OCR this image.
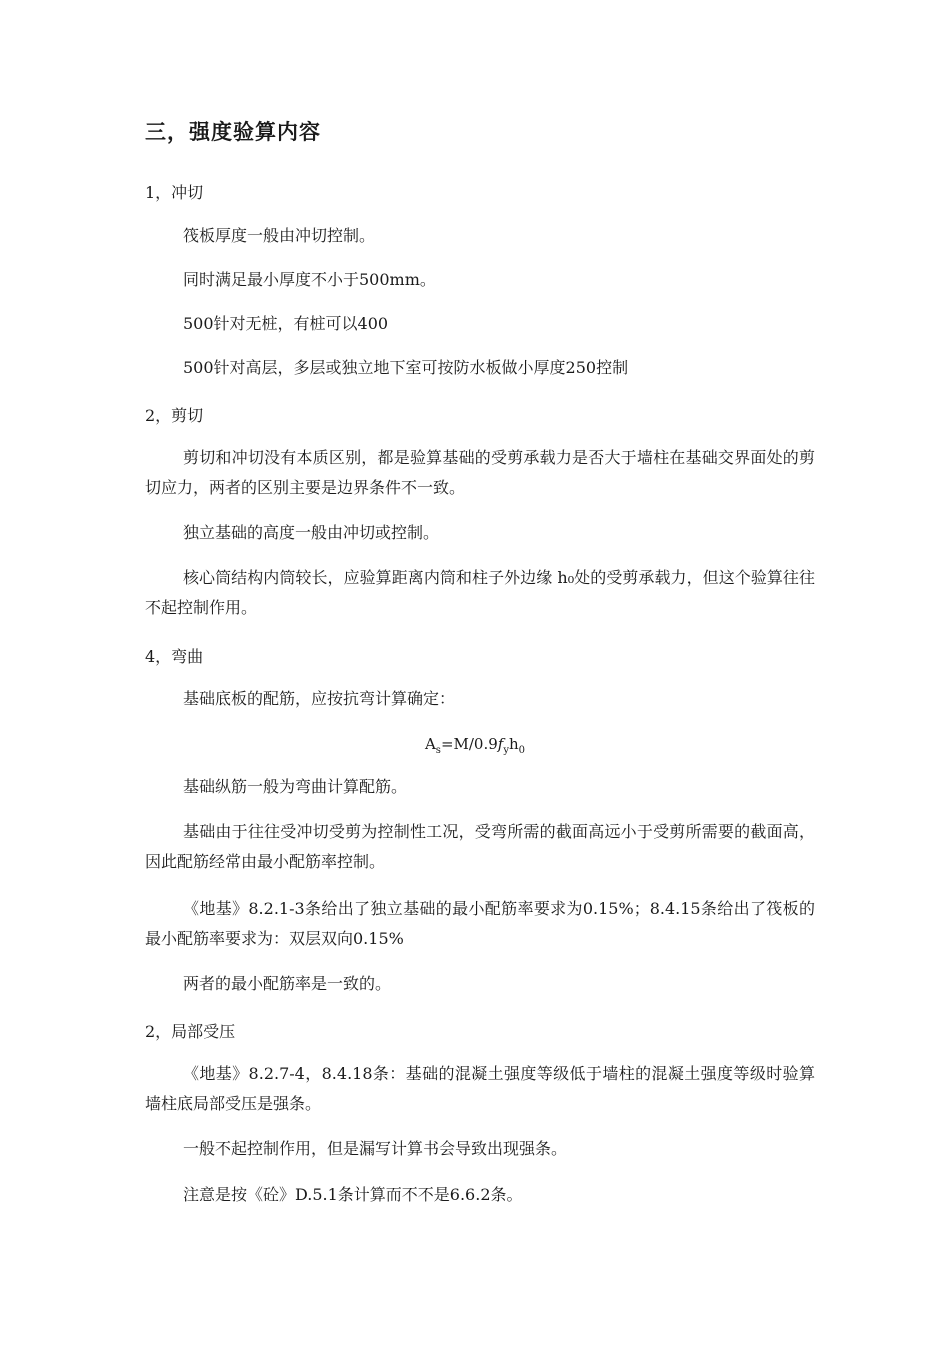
三，强度验算内容
1，冲切
筏板厚度一般由冲切控制。
同时满足最小厚度不小于500mm。
500针对无桩，有桩可以400
500针对高层，多层或独立地下室可按防水板做小厚度250控制
2，剪切
剪切和冲切没有本质区别，都是验算基础的受剪承载力是否大于墙柱在基础交界面处的剪切应力，两者的区别主要是边界条件不一致。
独立基础的高度一般由冲切或控制。
核心筒结构内筒较长，应验算距离内筒和柱子外边缘 h₀处的受剪承载力，但这个验算往往不起控制作用。
4，弯曲
基础底板的配筋，应按抗弯计算确定：
$A_s=M/0.9f_yh_0$
基础纵筋一般为弯曲计算配筋。
基础由于往往受冲切受剪为控制性工况，受弯所需的截面高远小于受剪所需要的截面高，因此配筋经常由最小配筋率控制。
《地基》8.2.1-3条给出了独立基础的最小配筋率要求为0.15%；8.4.15条给出了筏板的最小配筋率要求为：双层双向0.15%
两者的最小配筋率是一致的。
2，局部受压
《地基》8.2.7-4，8.4.18条：基础的混凝土强度等级低于墙柱的混凝土强度等级时验算墙柱底局部受压是强条。
一般不起控制作用，但是漏写计算书会导致出现强条。
注意是按《砼》D.5.1条计算而不不是6.6.2条。
